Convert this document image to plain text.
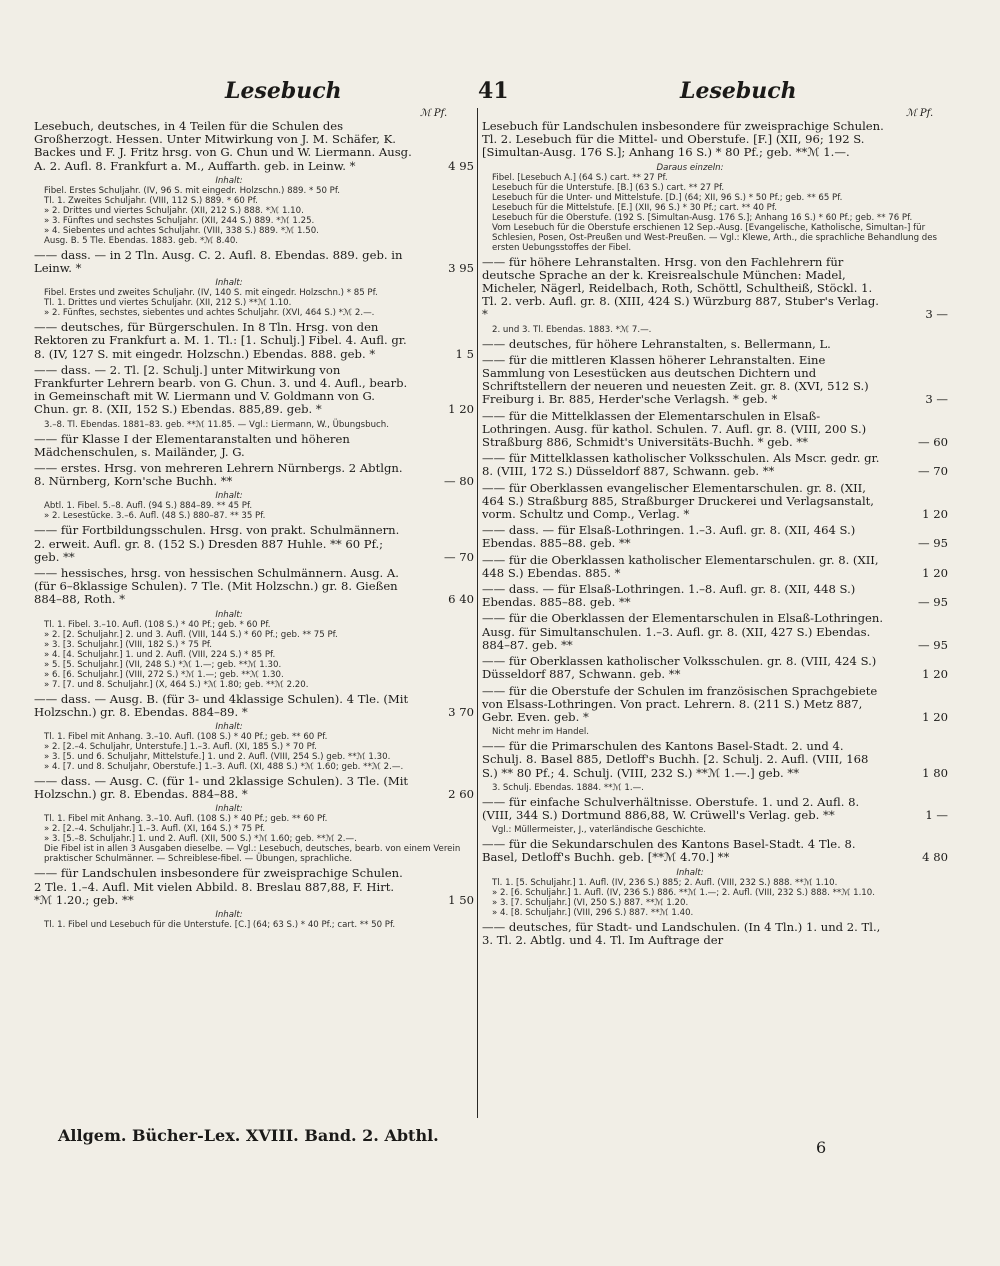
Lesebuch	41	Lesebuch
ℳ Pf.	ℳ Pf.
Lesebuch, deutsches, in 4 Teilen für die Schulen des Großherzogt. Hessen. Unter Mitwirkung von J. M. Schäfer, K. Backes und F. J. Fritz hrsg. von G. Chun und W. Liermann. Ausg. A. 2. Aufl. 8. Frankfurt a. M., Auffarth. geb. in Leinw. *	4 95
Inhalt:
Fibel. Erstes Schuljahr. (IV, 96 S. mit eingedr. Holzschn.) 889. * 50 Pf.
Tl. 1. Zweites Schuljahr. (VIII, 112 S.) 889. * 60 Pf.
» 2. Drittes und viertes Schuljahr. (XII, 212 S.) 888. *ℳ 1.10.
» 3. Fünftes und sechstes Schuljahr. (XII, 244 S.) 889. *ℳ 1.25.
» 4. Siebentes und achtes Schuljahr. (VIII, 338 S.) 889. *ℳ 1.50.
Ausg. B. 5 Tle. Ebendas. 1883. geb. *ℳ 8.40.
—— dass. — in 2 Tln. Ausg. C. 2. Aufl. 8. Ebendas. 889. geb. in Leinw. *	3 95
Inhalt:
Fibel. Erstes und zweites Schuljahr. (IV, 140 S. mit eingedr. Holzschn.) * 85 Pf.
Tl. 1. Drittes und viertes Schuljahr. (XII, 212 S.) **ℳ 1.10.
» 2. Fünftes, sechstes, siebentes und achtes Schuljahr. (XVI, 464 S.) *ℳ 2.—.
—— deutsches, für Bürgerschulen. In 8 Tln. Hrsg. von den Rektoren zu Frankfurt a. M. 1. Tl.: [1. Schulj.] Fibel. 4. Aufl. gr. 8. (IV, 127 S. mit eingedr. Holzschn.) Ebendas. 888. geb. *	1 5
—— dass. — 2. Tl. [2. Schulj.] unter Mitwirkung von Frankfurter Lehrern bearb. von G. Chun. 3. und 4. Aufl., bearb. in Gemeinschaft mit W. Liermann und V. Goldmann von G. Chun. gr. 8. (XII, 152 S.) Ebendas. 885,89. geb. *	1 20
3.–8. Tl. Ebendas. 1881–83. geb. **ℳ 11.85. — Vgl.: Liermann, W., Übungsbuch.
—— für Klasse I der Elementaranstalten und höheren Mädchenschulen, s. Mailänder, J. G.
—— erstes. Hrsg. von mehreren Lehrern Nürnbergs. 2 Abtlgn. 8. Nürnberg, Korn'sche Buchh. **	— 80
Inhalt:
Abtl. 1. Fibel. 5.–8. Aufl. (94 S.) 884–89. ** 45 Pf.
» 2. Lesestücke. 3.–6. Aufl. (48 S.) 880–87. ** 35 Pf.
—— für Fortbildungsschulen. Hrsg. von prakt. Schulmännern. 2. erweit. Aufl. gr. 8. (152 S.) Dresden 887 Huhle. ** 60 Pf.; geb. **	— 70
—— hessisches, hrsg. von hessischen Schulmännern. Ausg. A. (für 6–8klassige Schulen). 7 Tle. (Mit Holzschn.) gr. 8. Gießen 884–88, Roth. *	6 40
Inhalt:
Tl. 1. Fibel. 3.–10. Aufl. (108 S.) * 40 Pf.; geb. * 60 Pf.
» 2. [2. Schuljahr.] 2. und 3. Aufl. (VIII, 144 S.) * 60 Pf.; geb. ** 75 Pf.
» 3. [3. Schuljahr.] (VIII, 182 S.) * 75 Pf.
» 4. [4. Schuljahr.] 1. und 2. Aufl. (VIII, 224 S.) * 85 Pf.
» 5. [5. Schuljahr.] (VII, 248 S.) *ℳ 1.—; geb. **ℳ 1.30.
» 6. [6. Schuljahr.] (VIII, 272 S.) *ℳ 1.—; geb. **ℳ 1.30.
» 7. [7. und 8. Schuljahr.] (X, 464 S.) *ℳ 1.80; geb. **ℳ 2.20.
—— dass. — Ausg. B. (für 3- und 4klassige Schulen). 4 Tle. (Mit Holzschn.) gr. 8. Ebendas. 884–89. *	3 70
Inhalt:
Tl. 1. Fibel mit Anhang. 3.–10. Aufl. (108 S.) * 40 Pf.; geb. ** 60 Pf.
» 2. [2.–4. Schuljahr, Unterstufe.] 1.–3. Aufl. (XI, 185 S.) * 70 Pf.
» 3. [5. und 6. Schuljahr, Mittelstufe.] 1. und 2. Aufl. (VIII, 254 S.) geb. **ℳ 1.30.
» 4. [7. und 8. Schuljahr, Oberstufe.] 1.–3. Aufl. (XI, 488 S.) *ℳ 1.60; geb. **ℳ 2.—.
—— dass. — Ausg. C. (für 1- und 2klassige Schulen). 3 Tle. (Mit Holzschn.) gr. 8. Ebendas. 884–88. *	2 60
Inhalt:
Tl. 1. Fibel mit Anhang. 3.–10. Aufl. (108 S.) * 40 Pf.; geb. ** 60 Pf.
» 2. [2.–4. Schuljahr.] 1.–3. Aufl. (XI, 164 S.) * 75 Pf.
» 3. [5.–8. Schuljahr.] 1. und 2. Aufl. (XII, 500 S.) *ℳ 1.60; geb. **ℳ 2.—.
Die Fibel ist in allen 3 Ausgaben dieselbe. — Vgl.: Lesebuch, deutsches, bearb. von einem Verein praktischer Schulmänner. — Schreiblese-fibel. — Übungen, sprachliche.
—— für Landschulen insbesondere für zweisprachige Schulen. 2 Tle. 1.–4. Aufl. Mit vielen Abbild. 8. Breslau 887,88, F. Hirt. *ℳ 1.20.; geb. **	1 50
Inhalt:
Tl. 1. Fibel und Lesebuch für die Unterstufe. [C.] (64; 63 S.) * 40 Pf.; cart. ** 50 Pf.
Lesebuch für Landschulen insbesondere für zweisprachige Schulen. Tl. 2. Lesebuch für die Mittel- und Oberstufe. [F.] (XII, 96; 192 S. [Simultan-Ausg. 176 S.]; Anhang 16 S.) * 80 Pf.; geb. **ℳ 1.—.
Daraus einzeln:
Fibel. [Lesebuch A.] (64 S.) cart. ** 27 Pf.
Lesebuch für die Unterstufe. [B.] (63 S.) cart. ** 27 Pf.
Lesebuch für die Unter- und Mittelstufe. [D.] (64; XII, 96 S.) * 50 Pf.; geb. ** 65 Pf.
Lesebuch für die Mittelstufe. [E.] (XII, 96 S.) * 30 Pf.; cart. ** 40 Pf.
Lesebuch für die Oberstufe. (192 S. [Simultan-Ausg. 176 S.]; Anhang 16 S.) * 60 Pf.; geb. ** 76 Pf.
Vom Lesebuch für die Oberstufe erschienen 12 Sep.-Ausg. [Evangelische, Katholische, Simultan-] für Schlesien, Posen, Ost-Preußen und West-Preußen. — Vgl.: Klewe, Arth., die sprachliche Behandlung des ersten Uebungsstoffes der Fibel.
—— für höhere Lehranstalten. Hrsg. von den Fachlehrern für deutsche Sprache an der k. Kreisrealschule München: Madel, Micheler, Nägerl, Reidelbach, Roth, Schöttl, Schultheiß, Stöckl. 1. Tl. 2. verb. Aufl. gr. 8. (XIII, 424 S.) Würzburg 887, Stuber's Verlag. *	3 —
2. und 3. Tl. Ebendas. 1883. *ℳ 7.—.
—— deutsches, für höhere Lehranstalten, s. Bellermann, L.
—— für die mittleren Klassen höherer Lehranstalten. Eine Sammlung von Lesestücken aus deutschen Dichtern und Schriftstellern der neueren und neuesten Zeit. gr. 8. (XVI, 512 S.) Freiburg i. Br. 885, Herder'sche Verlagsh. * geb. *	3 —
—— für die Mittelklassen der Elementarschulen in Elsaß-Lothringen. Ausg. für kathol. Schulen. 7. Aufl. gr. 8. (VIII, 200 S.) Straßburg 886, Schmidt's Universitäts-Buchh. * geb. **	— 60
—— für Mittelklassen katholischer Volksschulen. Als Mscr. gedr. gr. 8. (VIII, 172 S.) Düsseldorf 887, Schwann. geb. **	— 70
—— für Oberklassen evangelischer Elementarschulen. gr. 8. (XII, 464 S.) Straßburg 885, Straßburger Druckerei und Verlagsanstalt, vorm. Schultz und Comp., Verlag. *	1 20
—— dass. — für Elsaß-Lothringen. 1.–3. Aufl. gr. 8. (XII, 464 S.) Ebendas. 885–88. geb. **	— 95
—— für die Oberklassen katholischer Elementarschulen. gr. 8. (XII, 448 S.) Ebendas. 885. *	1 20
—— dass. — für Elsaß-Lothringen. 1.–8. Aufl. gr. 8. (XII, 448 S.) Ebendas. 885–88. geb. **	— 95
—— für die Oberklassen der Elementarschulen in Elsaß-Lothringen. Ausg. für Simultanschulen. 1.–3. Aufl. gr. 8. (XII, 427 S.) Ebendas. 884–87. geb. **	— 95
—— für Oberklassen katholischer Volksschulen. gr. 8. (VIII, 424 S.) Düsseldorf 887, Schwann. geb. **	1 20
—— für die Oberstufe der Schulen im französischen Sprachgebiete von Elsass-Lothringen. Von pract. Lehrern. 8. (211 S.) Metz 887, Gebr. Even. geb. *	1 20
Nicht mehr im Handel.
—— für die Primarschulen des Kantons Basel-Stadt. 2. und 4. Schulj. 8. Basel 885, Detloff's Buchh. [2. Schulj. 2. Aufl. (VIII, 168 S.) ** 80 Pf.; 4. Schulj. (VIII, 232 S.) **ℳ 1.—.] geb. **	1 80
3. Schulj. Ebendas. 1884. **ℳ 1.—.
—— für einfache Schulverhältnisse. Oberstufe. 1. und 2. Aufl. 8. (VIII, 344 S.) Dortmund 886,88, W. Crüwell's Verlag. geb. **	1 —
Vgl.: Müllermeister, J., vaterländische Geschichte.
—— für die Sekundarschulen des Kantons Basel-Stadt. 4 Tle. 8. Basel, Detloff's Buchh. geb. [**ℳ 4.70.] **	4 80
Inhalt:
Tl. 1. [5. Schuljahr.] 1. Aufl. (IV, 236 S.) 885; 2. Aufl. (VIII, 232 S.) 888. **ℳ 1.10.
» 2. [6. Schuljahr.] 1. Aufl. (IV, 236 S.) 886. **ℳ 1.—; 2. Aufl. (VIII, 232 S.) 888. **ℳ 1.10.
» 3. [7. Schuljahr.] (VI, 250 S.) 887. **ℳ 1.20.
» 4. [8. Schuljahr.] (VIII, 296 S.) 887. **ℳ 1.40.
—— deutsches, für Stadt- und Landschulen. (In 4 Tln.) 1. und 2. Tl., 3. Tl. 2. Abtlg. und 4. Tl. Im Auftrage der
Allgem. Bücher-Lex. XVIII. Band. 2. Abthl.
6
